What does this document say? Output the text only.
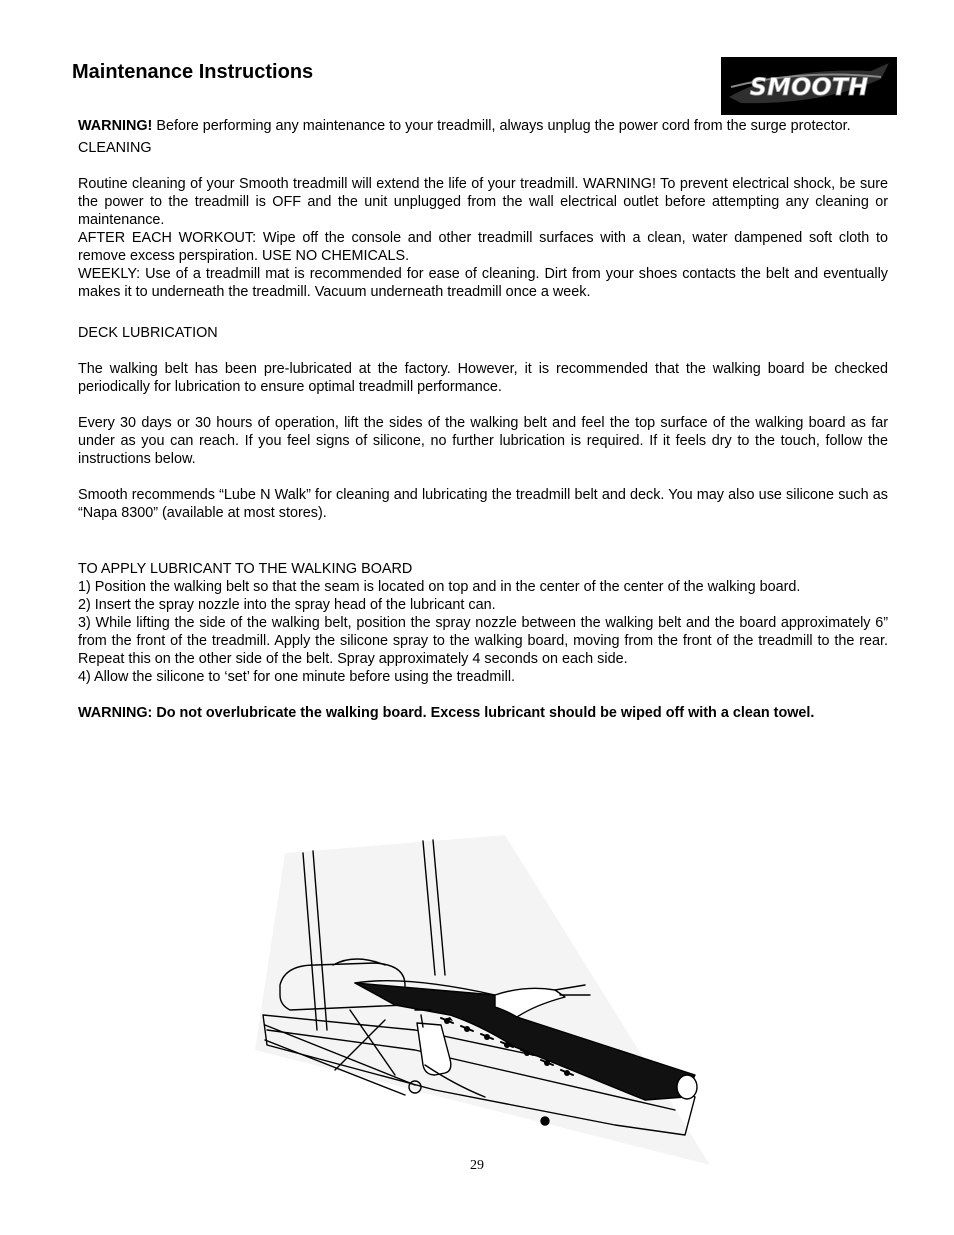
Maintenance Instructions
SMOOTH

WARNING! Before performing any maintenance to your treadmill, always unplug the power cord from the surge protector.

CLEANING

Routine cleaning of your Smooth treadmill will extend the life of your treadmill. WARNING! To prevent electrical shock, be sure the power to the treadmill is OFF and the unit unplugged from the wall electrical outlet before attempting any cleaning or maintenance.

AFTER EACH WORKOUT: Wipe off the console and other treadmill surfaces with a clean, water dampened soft cloth to remove excess perspiration. USE NO CHEMICALS.

WEEKLY: Use of a treadmill mat is recommended for ease of cleaning. Dirt from your shoes contacts the belt and eventually makes it to underneath the treadmill. Vacuum underneath treadmill once a week.

DECK LUBRICATION

The walking belt has been pre-lubricated at the factory. However, it is recommended that the walking board be checked periodically for lubrication to ensure optimal treadmill performance.

Every 30 days or 30 hours of operation, lift the sides of the walking belt and feel the top surface of the walking board as far under as you can reach. If you feel signs of silicone, no further lubrication is required. If it feels dry to the touch, follow the instructions below.

Smooth recommends “Lube N Walk” for cleaning and lubricating the treadmill belt and deck. You may also use silicone such as “Napa 8300” (available at most stores).

TO APPLY LUBRICANT TO THE WALKING BOARD

1) Position the walking belt so that the seam is located on top and in the center of the center of the walking board.

2) Insert the spray nozzle into the spray head of the lubricant can.

3) While lifting the side of the walking belt, position the spray nozzle between the walking belt and the board approximately 6” from the front of the treadmill. Apply the silicone spray to the walking board, moving from the front of the treadmill to the rear. Repeat this on the other side of the belt. Spray approximately 4 seconds on each side.

4) Allow the silicone to ‘set’ for one minute before using the treadmill.

WARNING: Do not overlubricate the walking board. Excess lubricant should be wiped off with a clean towel.

29
